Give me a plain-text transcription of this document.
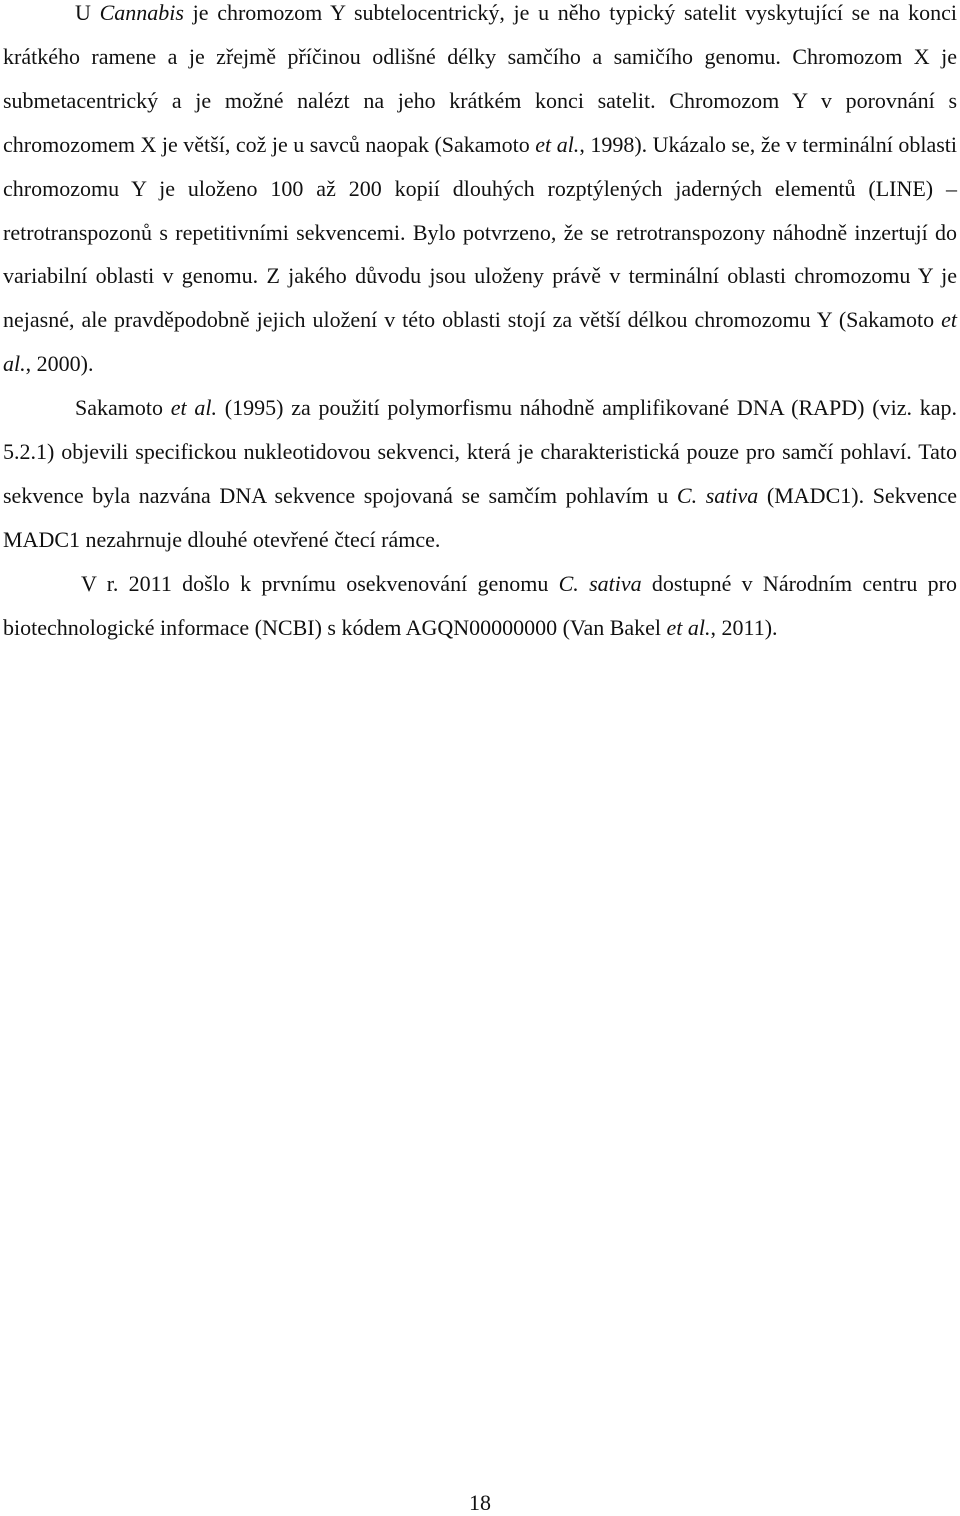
U Cannabis je chromozom Y subtelocentrický, je u něho typický satelit vyskytující se na konci krátkého ramene a je zřejmě příčinou odlišné délky samčího a samičího genomu. Chromozom X je submetacentrický a je možné nalézt na jeho krátkém konci satelit. Chromozom Y v porovnání s chromozomem X je větší, což je u savců naopak (Sakamoto et al., 1998). Ukázalo se, že v terminální oblasti chromozomu Y je uloženo 100 až 200 kopií dlouhých rozptýlených jaderných elementů (LINE) – retrotranspozonů s repetitivními sekvencemi. Bylo potvrzeno, že se retrotranspozony náhodně inzertují do variabilní oblasti v genomu. Z jakého důvodu jsou uloženy právě v terminální oblasti chromozomu Y je nejasné, ale pravděpodobně jejich uložení v této oblasti stojí za větší délkou chromozomu Y (Sakamoto et al., 2000).

Sakamoto et al. (1995) za použití polymorfismu náhodně amplifikované DNA (RAPD) (viz. kap. 5.2.1) objevili specifickou nukleotidovou sekvenci, která je charakteristická pouze pro samčí pohlaví. Tato sekvence byla nazvána DNA sekvence spojovaná se samčím pohlavím u C. sativa (MADC1). Sekvence MADC1 nezahrnuje dlouhé otevřené čtecí rámce.

V r. 2011 došlo k prvnímu osekvenování genomu C. sativa dostupné v Národním centru pro biotechnologické informace (NCBI) s kódem AGQN00000000 (Van Bakel et al., 2011).

18
